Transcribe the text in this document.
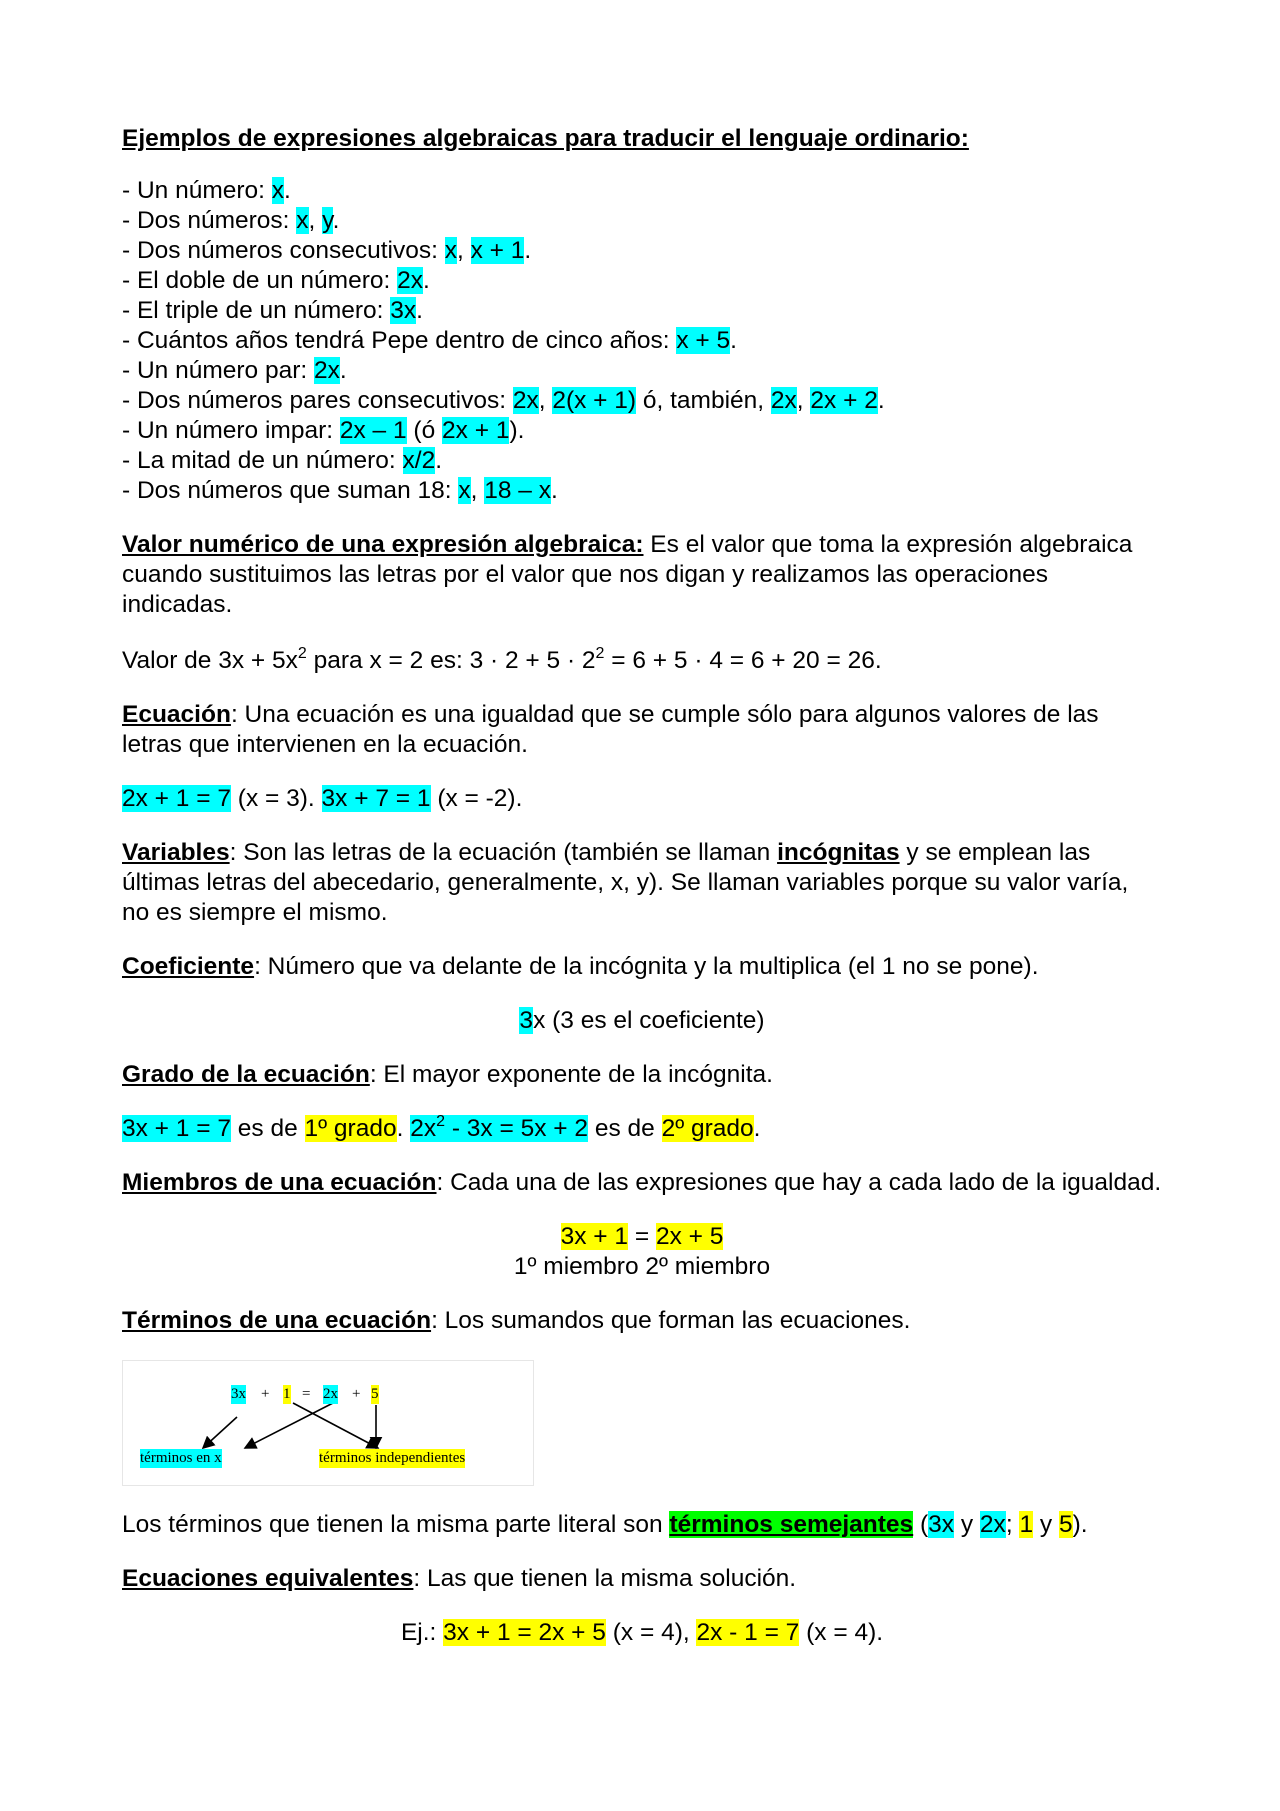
Ejemplos de expresiones algebraicas para traducir el lenguaje ordinario:

- Un número: x.

- Dos números: x, y.

- Dos números consecutivos: x, x + 1.

- El doble de un número: 2x.

- El triple de un número: 3x.

- Cuántos años tendrá Pepe dentro de cinco años: x + 5.

- Un número par: 2x.

- Dos números pares consecutivos: 2x, 2(x + 1) ó, también, 2x, 2x + 2.

- Un número impar: 2x – 1 (ó 2x + 1).

- La mitad de un número: x/2.

- Dos números que suman 18: x, 18 – x.

Valor numérico de una expresión algebraica: Es el valor que toma la expresión algebraica cuando sustituimos las letras por el valor que nos digan y realizamos las operaciones indicadas.

Valor de $3x + 5x^2$ para x = 2 es: $3 \cdot 2 + 5 \cdot 2^2 = 6 + 5 \cdot 4 = 6 + 20 = 26$.

Ecuación: Una ecuación es una igualdad que se cumple sólo para algunos valores de las letras que intervienen en la ecuación.

2x + 1 = 7 (x = 3). 3x + 7 = 1 (x = -2).

Variables: Son las letras de la ecuación (también se llaman incógnitas y se emplean las últimas letras del abecedario, generalmente, x, y). Se llaman variables porque su valor varía, no es siempre el mismo.

Coeficiente: Número que va delante de la incógnita y la multiplica (el 1 no se pone).

3x (3 es el coeficiente)

Grado de la ecuación: El mayor exponente de la incógnita.

3x + 1 = 7 es de 1º grado. $2x^2 - 3x = 5x + 2$ es de 2º grado.

Miembros de una ecuación: Cada una de las expresiones que hay a cada lado de la igualdad.

3x + 1 = 2x + 5

1º miembro 2º miembro

Términos de una ecuación: Los sumandos que forman las ecuaciones.

3x + 1 = 2x + 5
términos en x	términos independientes

Los términos que tienen la misma parte literal son términos semejantes (3x y 2x; 1 y 5).

Ecuaciones equivalentes: Las que tienen la misma solución.

Ej.: 3x + 1 = 2x + 5 (x = 4), 2x - 1 = 7 (x = 4).
